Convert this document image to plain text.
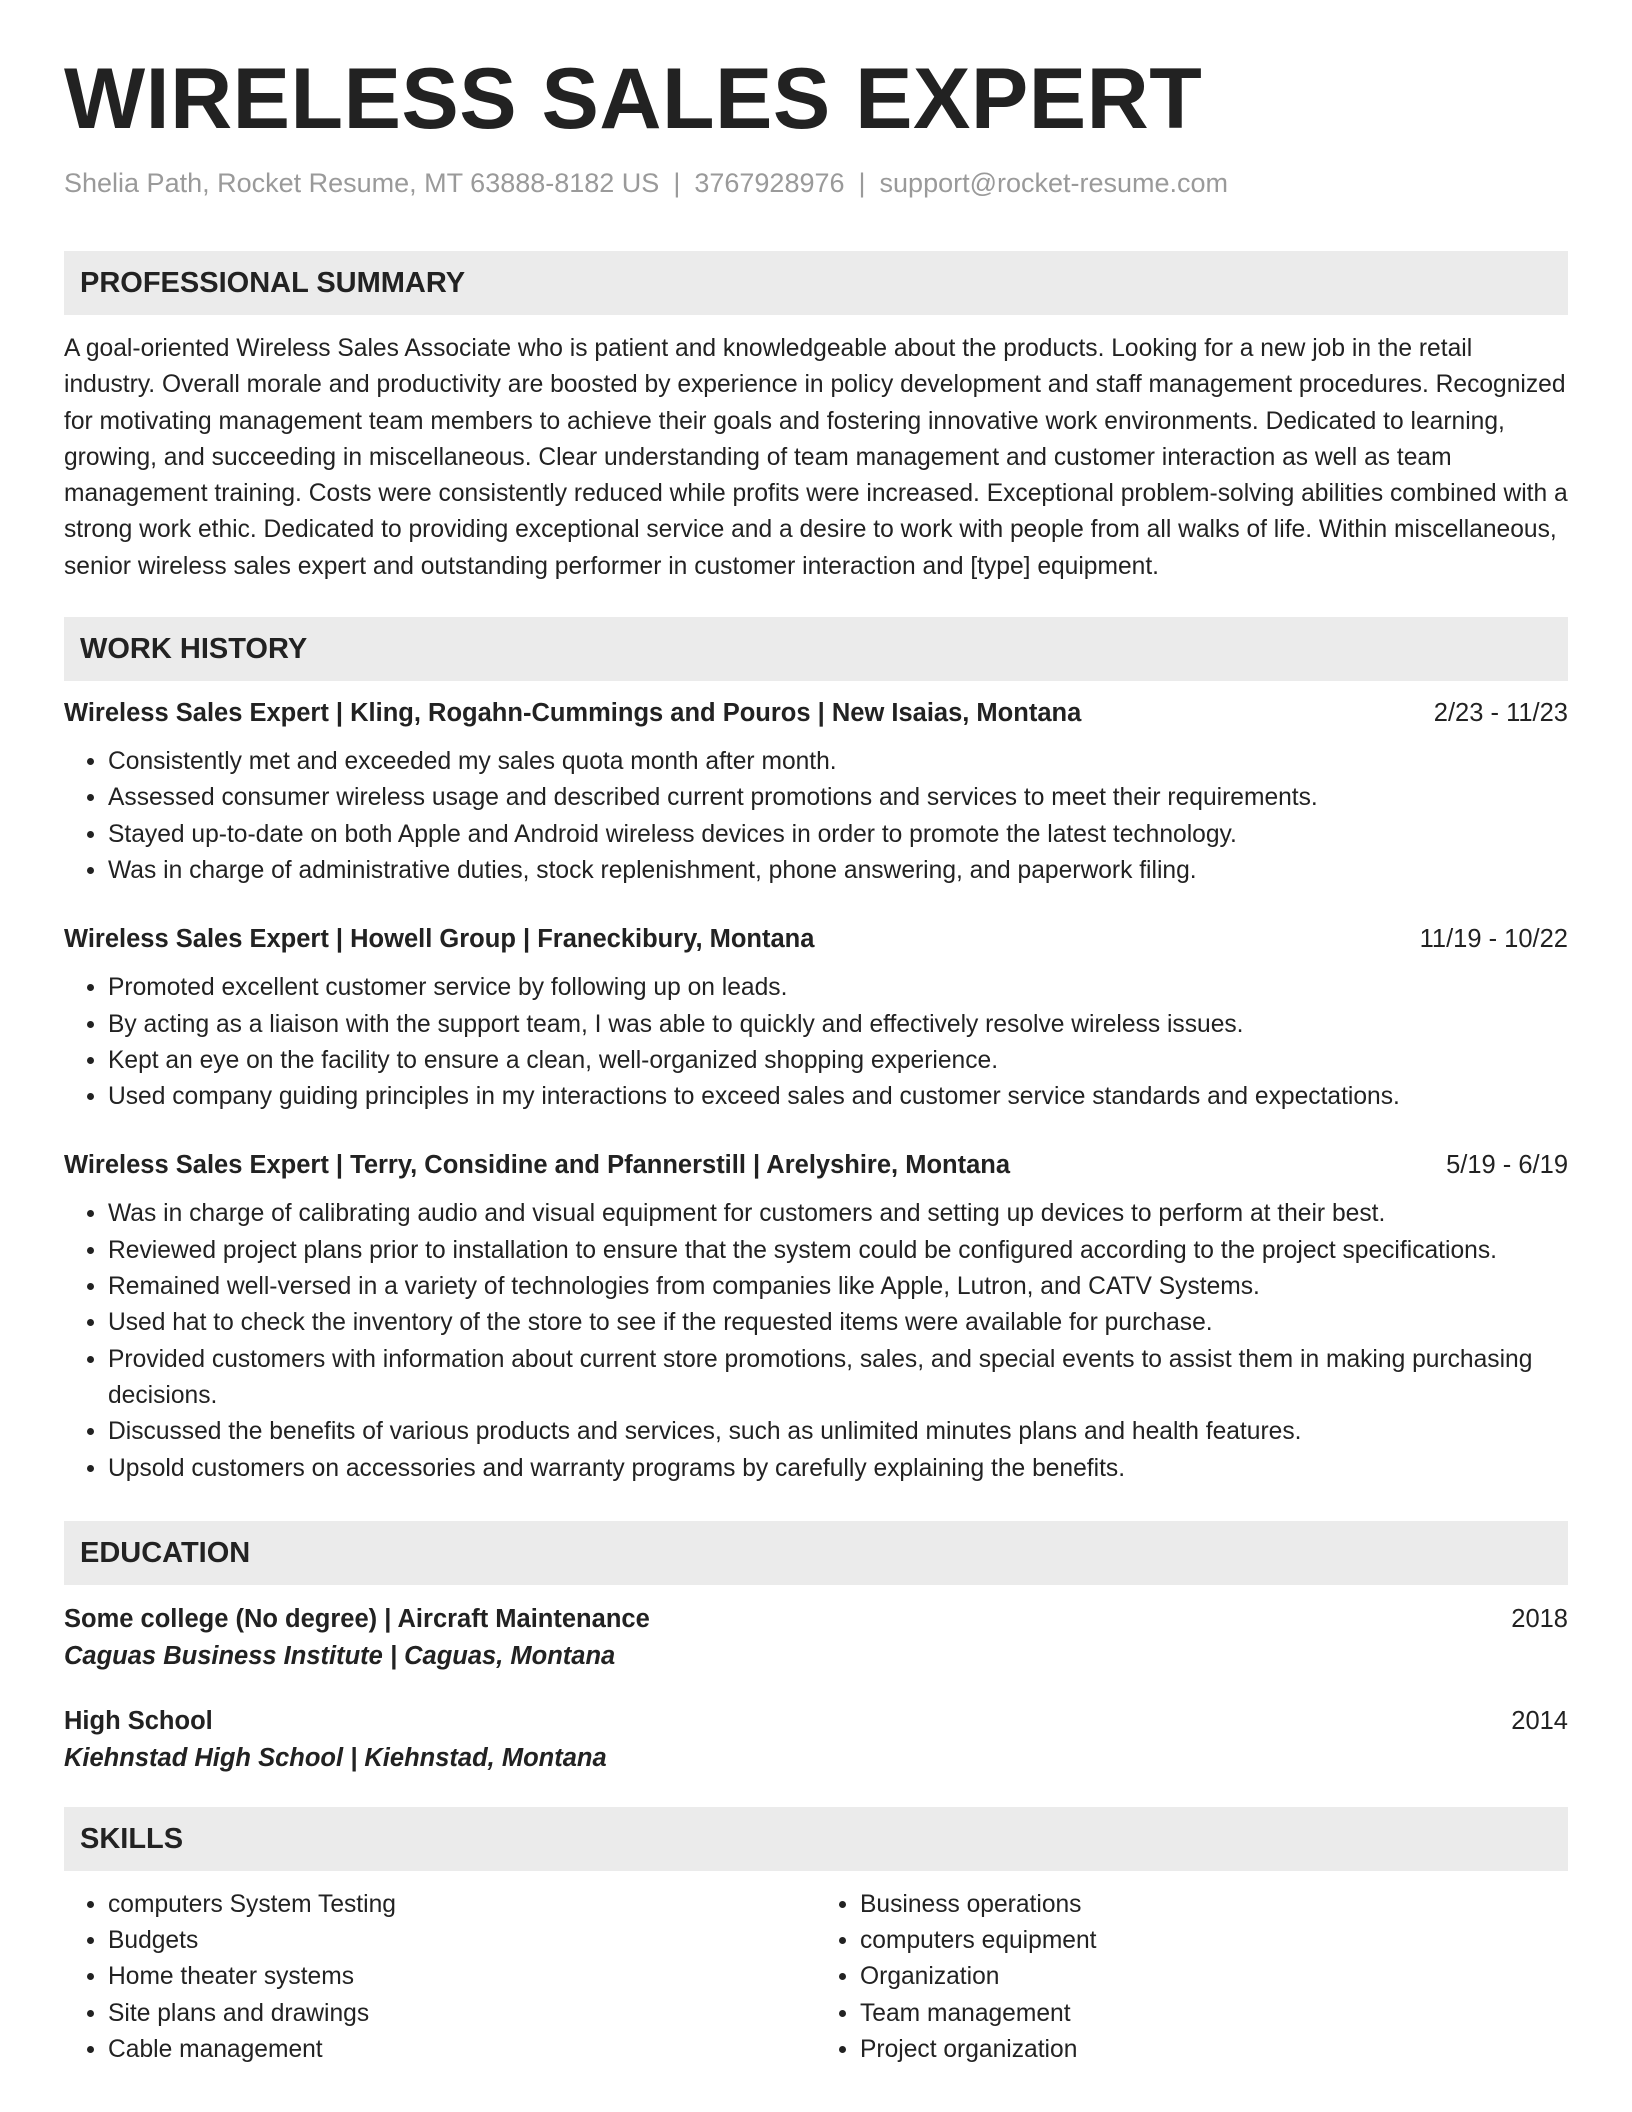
WIRELESS SALES EXPERT
Shelia Path, Rocket Resume, MT 63888-8182 US | 3767928976 | support@rocket-resume.com
PROFESSIONAL SUMMARY

A goal-oriented Wireless Sales Associate who is patient and knowledgeable about the products. Looking for a new job in the retail industry. Overall morale and productivity are boosted by experience in policy development and staff management procedures. Recognized for motivating management team members to achieve their goals and fostering innovative work environments. Dedicated to learning, growing, and succeeding in miscellaneous. Clear understanding of team management and customer interaction as well as team management training. Costs were consistently reduced while profits were increased. Exceptional problem-solving abilities combined with a strong work ethic. Dedicated to providing exceptional service and a desire to work with people from all walks of life. Within miscellaneous, senior wireless sales expert and outstanding performer in customer interaction and [type] equipment.

WORK HISTORY
Wireless Sales Expert | Kling, Rogahn-Cummings and Pouros | New Isaias, Montana	2/23 - 11/23
• Consistently met and exceeded my sales quota month after month.
• Assessed consumer wireless usage and described current promotions and services to meet their requirements.
• Stayed up-to-date on both Apple and Android wireless devices in order to promote the latest technology.
• Was in charge of administrative duties, stock replenishment, phone answering, and paperwork filing.
Wireless Sales Expert | Howell Group | Franeckibury, Montana	11/19 - 10/22
• Promoted excellent customer service by following up on leads.
• By acting as a liaison with the support team, I was able to quickly and effectively resolve wireless issues.
• Kept an eye on the facility to ensure a clean, well-organized shopping experience.
• Used company guiding principles in my interactions to exceed sales and customer service standards and expectations.
Wireless Sales Expert | Terry, Considine and Pfannerstill | Arelyshire, Montana	5/19 - 6/19
• Was in charge of calibrating audio and visual equipment for customers and setting up devices to perform at their best.
• Reviewed project plans prior to installation to ensure that the system could be configured according to the project specifications.
• Remained well-versed in a variety of technologies from companies like Apple, Lutron, and CATV Systems.
• Used hat to check the inventory of the store to see if the requested items were available for purchase.
• Provided customers with information about current store promotions, sales, and special events to assist them in making purchasing decisions.
• Discussed the benefits of various products and services, such as unlimited minutes plans and health features.
• Upsold customers on accessories and warranty programs by carefully explaining the benefits.
EDUCATION
Some college (No degree) | Aircraft Maintenance	2018
Caguas Business Institute | Caguas, Montana
High School	2014
Kiehnstad High School | Kiehnstad, Montana
SKILLS
• computers System Testing
• Budgets
• Home theater systems
• Site plans and drawings
• Cable management
• Business operations
• computers equipment
• Organization
• Team management
• Project organization
